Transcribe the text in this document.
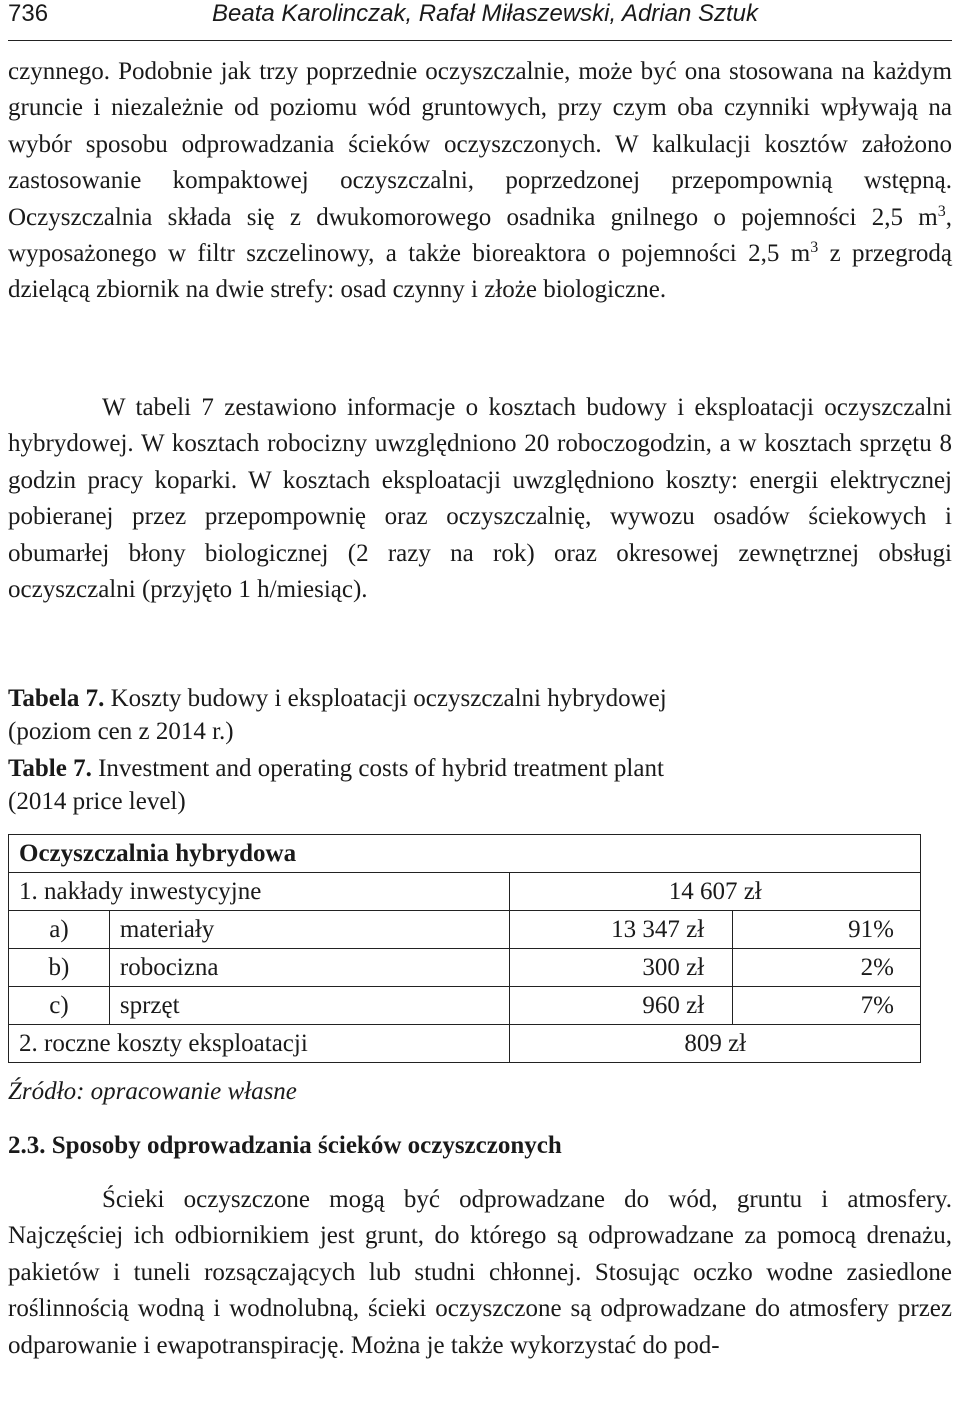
736	Beata Karolinczak, Rafał Miłaszewski, Adrian Sztuk

czynnego. Podobnie jak trzy poprzednie oczyszczalnie, może być ona stosowana na każdym gruncie i niezależnie od poziomu wód gruntowych, przy czym oba czynniki wpływają na wybór sposobu odprowadzania ścieków oczyszczonych. W kalkulacji kosztów założono zastosowanie kompaktowej oczyszczalni, poprzedzonej przepompownią wstępną. Oczyszczalnia składa się z dwukomorowego osadnika gnilnego o pojemności 2,5 $m^3$, wyposażonego w filtr szczelinowy, a także bioreaktora o pojemności 2,5 $m^3$ z przegrodą dzielącą zbiornik na dwie strefy: osad czynny i złoże biologiczne.

W tabeli 7 zestawiono informacje o kosztach budowy i eksploatacji oczyszczalni hybrydowej. W kosztach robocizny uwzględniono 20 roboczogodzin, a w kosztach sprzętu 8 godzin pracy koparki. W kosztach eksploatacji uwzględniono koszty: energii elektrycznej pobieranej przez przepompownię oraz oczyszczalnię, wywozu osadów ściekowych i obumarłej błony biologicznej (2 razy na rok) oraz okresowej zewnętrznej obsługi oczyszczalni (przyjęto 1 h/miesiąc).

Tabela 7. Koszty budowy i eksploatacji oczyszczalni hybrydowej
(poziom cen z 2014 r.)
Table 7. Investment and operating costs of hybrid treatment plant
(2014 price level)
Oczyszczalnia hybrydowa			
1. nakłady inwestycyjne		14 607 zł	
a)	materiały	13 347 zł	91%
b)	robocizna	300 zł	2%
c)	sprzęt	960 zł	7%
2. roczne koszty eksploatacji		809 zł	
Źródło: opracowanie własne
2.3. Sposoby odprowadzania ścieków oczyszczonych

Ścieki oczyszczone mogą być odprowadzane do wód, gruntu i atmosfery. Najczęściej ich odbiornikiem jest grunt, do którego są odprowadzane za pomocą drenażu, pakietów i tuneli rozsączających lub studni chłonnej. Stosując oczko wodne zasiedlone roślinnością wodną i wodnolubną, ścieki oczyszczone są odprowadzane do atmosfery przez odparowanie i ewapotranspirację. Można je także wykorzystać do pod-
